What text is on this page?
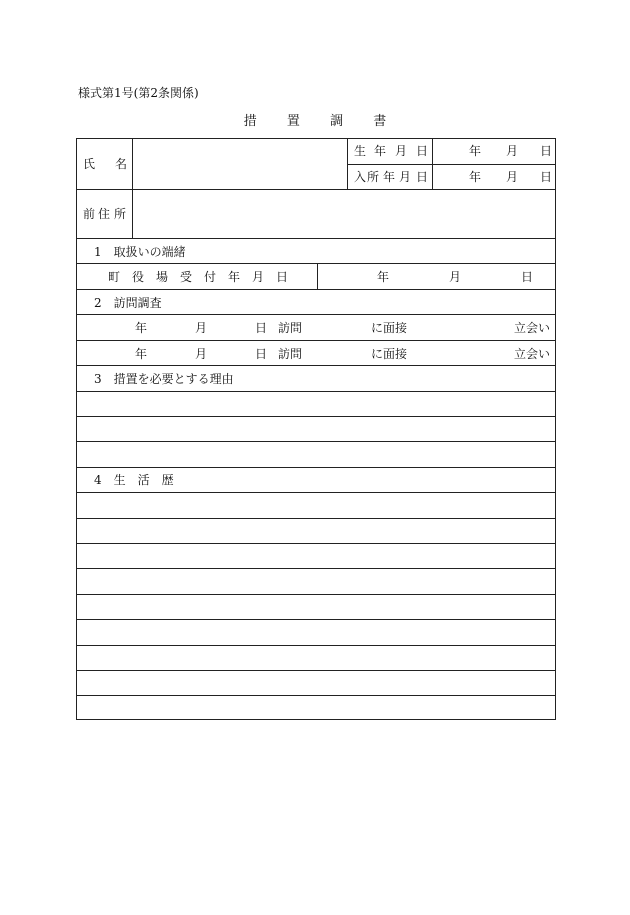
様式第1号(第2条関係)
措 置 調 書
氏 名
生 年 月 日	年 月 日
入 所 年 月 日	年 月 日
前 住 所
1　取扱いの端緒
町 役 場 受 付 年 月 日	年	月	日
2　訪問調査
年	月	日 訪問	に面接	立会い
年	月	日 訪問	に面接	立会い
3　措置を必要とする理由
4　生　活　歴
